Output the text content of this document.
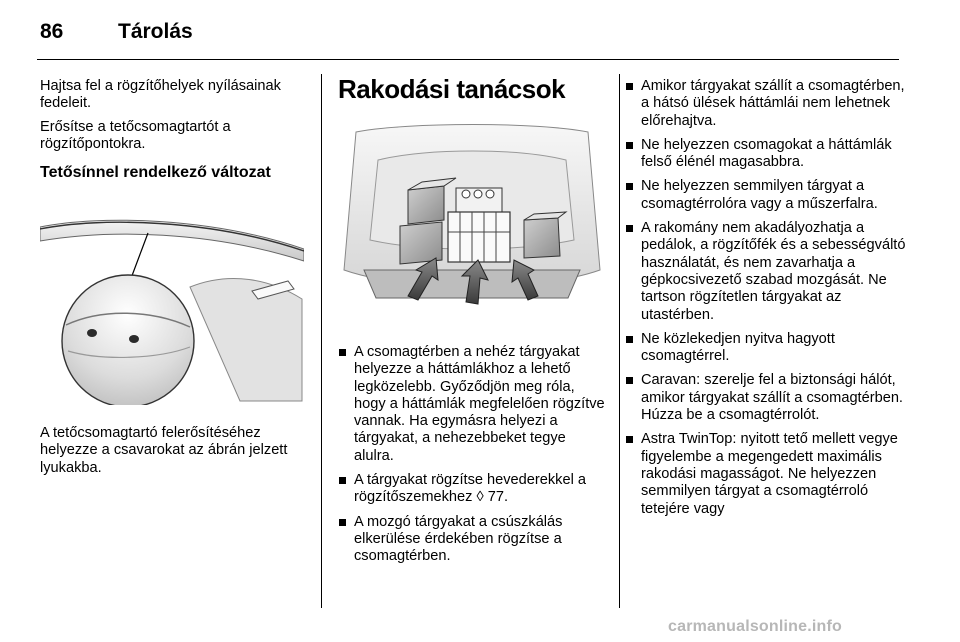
86	Tárolás

Hajtsa fel a rögzítőhelyek nyílásainak fedeleit.

Erősítse a tetőcsomagtartót a rögzítőpontokra.

Tetősínnel rendelkező változat

A tetőcsomagtartó felerősítéséhez helyezze a csavarokat az ábrán jelzett lyukakba.

Rakodási tanácsok
A csomagtérben a nehéz tárgyakat helyezze a háttámlákhoz a lehető legközelebb. Győződjön meg róla, hogy a háttámlák megfelelően rögzítve vannak. Ha egymásra helyezi a tárgyakat, a nehezebbeket tegye alulra.
A tárgyakat rögzítse hevederekkel a rögzítőszemekhez ◊ 77.
A mozgó tárgyakat a csúszkálás elkerülése érdekében rögzítse a csomagtérben.
Amikor tárgyakat szállít a csomagtérben, a hátsó ülések háttámlái nem lehetnek előrehajtva.
Ne helyezzen csomagokat a háttámlák felső élénél magasabbra.
Ne helyezzen semmilyen tárgyat a csomagtérrolóra vagy a műszerfalra.
A rakomány nem akadályozhatja a pedálok, a rögzítőfék és a sebességváltó használatát, és nem zavarhatja a gépkocsivezető szabad mozgását. Ne tartson rögzítetlen tárgyakat az utastérben.
Ne közlekedjen nyitva hagyott csomagtérrel.
Caravan: szerelje fel a biztonsági hálót, amikor tárgyakat szállít a csomagtérben. Húzza be a csomagtérrolót.
Astra TwinTop: nyitott tető mellett vegye figyelembe a megengedett maximális rakodási magasságot. Ne helyezzen semmilyen tárgyat a csomagtérroló tetejére vagy
carmanualsonline.info
